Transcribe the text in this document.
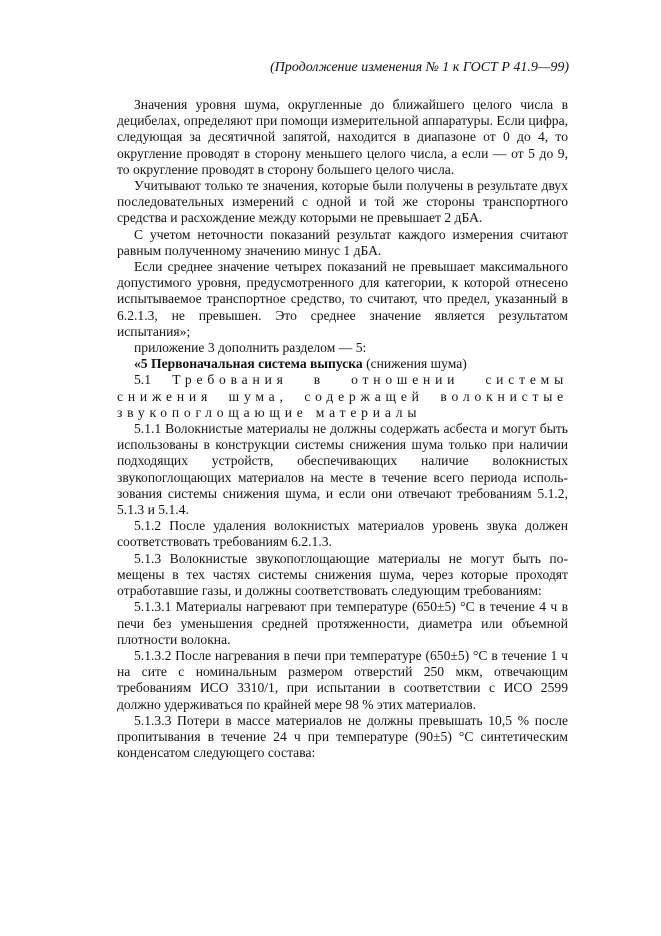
(Продолжение изменения № 1 к ГОСТ Р 41.9—99)

Значения уровня шума, округленные до ближайшего целого числа в децибелах, определяют при помощи измерительной аппаратуры. Если цифра, следующая за десятичной запятой, находится в диапазоне от 0 до 4, то округление проводят в сторону меньшего целого числа, а если — от 5 до 9, то округление проводят в сторону большего целого числа.

Учитывают только те значения, которые были получены в результате двух последовательных измерений с одной и той же стороны транспортного средства и расхождение между которыми не превышает 2 дБА.

С учетом неточности показаний результат каждого измерения считают равным полученному значению минус 1 дБА.

Если среднее значение четырех показаний не превышает максимального допустимого уровня, предусмотренного для категории, к которой отнесено испытываемое транспортное средство, то считают, что предел, указанный в 6.2.1.3, не превышен. Это среднее значение является результатом испытания»;

приложение 3 дополнить разделом — 5:

«5 Первоначальная система выпуска (снижения шума)

5.1 Требования в отношении системы снижения шума, содержащей волокнистые звукопоглощающие материалы

5.1.1 Волокнистые материалы не должны содержать асбеста и могут быть использованы в конструкции системы снижения шума только при наличии подходящих устройств, обеспечивающих наличие волокнистых звукопоглощающих материалов на месте в течение всего периода использования системы снижения шума, и если они отвечают требованиям 5.1.2, 5.1.3 и 5.1.4.

5.1.2 После удаления волокнистых материалов уровень звука должен соответствовать требованиям 6.2.1.3.

5.1.3 Волокнистые звукопоглощающие материалы не могут быть помещены в тех частях системы снижения шума, через которые проходят отработавшие газы, и должны соответствовать следующим требованиям:

5.1.3.1 Материалы нагревают при температуре (650±5) °С в течение 4 ч в печи без уменьшения средней протяженности, диаметра или объемной плотности волокна.

5.1.3.2 После нагревания в печи при температуре (650±5) °С в течение 1 ч на сите с номинальным размером отверстий 250 мкм, отвечающим требованиям ИСО 3310/1, при испытании в соответствии с ИСО 2599 должно удерживаться по крайней мере 98 % этих материалов.

5.1.3.3 Потери в массе материалов не должны превышать 10,5 % после пропитывания в течение 24 ч при температуре (90±5) °С синтетическим конденсатом следующего состава:
